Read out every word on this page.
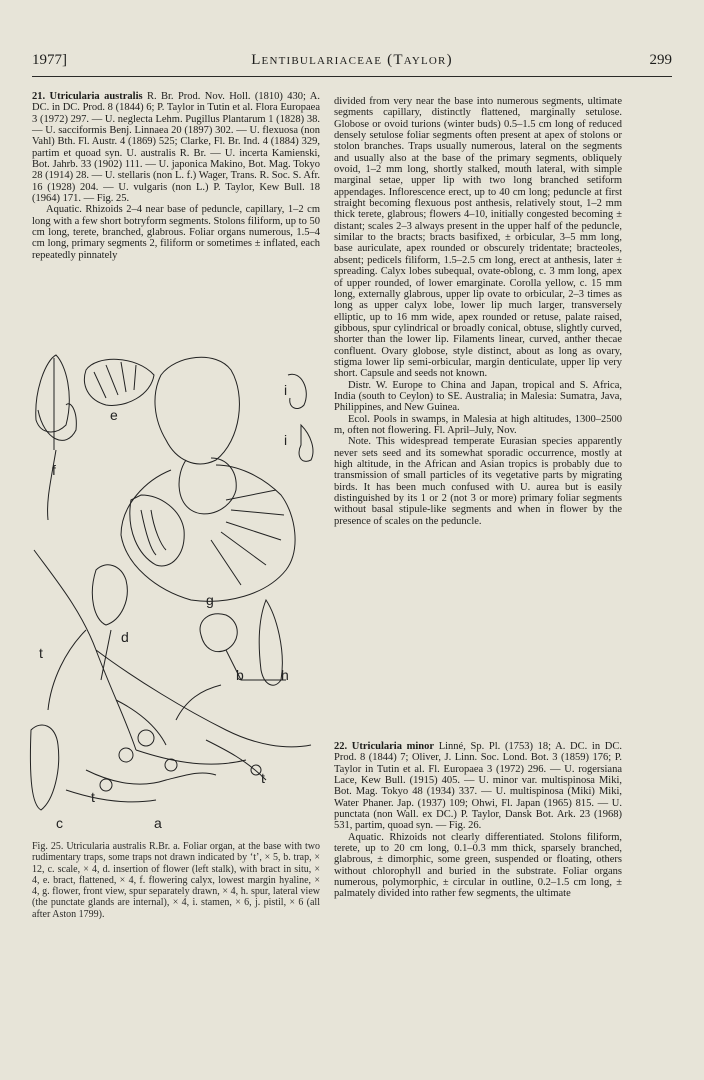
1977]	Lentibulariaceae (Taylor)	299

21. Utricularia australis R. Br. Prod. Nov. Holl. (1810) 430; A. DC. in DC. Prod. 8 (1844) 6; P. Taylor in Tutin et al. Flora Europaea 3 (1972) 297. — U. neglecta Lehm. Pugillus Plantarum 1 (1828) 38. — U. sacciformis Benj. Linnaea 20 (1897) 302. — U. flexuosa (non Vahl) Bth. Fl. Austr. 4 (1869) 525; Clarke, Fl. Br. Ind. 4 (1884) 329, partim et quoad syn. U. australis R. Br. — U. incerta Kamienski, Bot. Jahrb. 33 (1902) 111. — U. japonica Makino, Bot. Mag. Tokyo 28 (1914) 28. — U. stellaris (non L. f.) Wager, Trans. R. Soc. S. Afr. 16 (1928) 204. — U. vulgaris (non L.) P. Taylor, Kew Bull. 18 (1964) 171. — Fig. 25.

Aquatic. Rhizoids 2–4 near base of peduncle, capillary, 1–2 cm long with a few short botryform segments. Stolons filiform, up to 50 cm long, terete, branched, glabrous. Foliar organs numerous, 1.5–4 cm long, primary segments 2, filiform or sometimes ± inflated, each repeatedly pinnately

e
f
i
i
g
d
t
b	h
t
t
c	a
Fig. 25. Utricularia australis R.Br. a. Foliar organ, at the base with two rudimentary traps, some traps not drawn indicated by ‘t’, × 5, b. trap, × 12, c. scale, × 4, d. insertion of flower (left stalk), with bract in situ, × 4, e. bract, flattened, × 4, f. flowering calyx, lowest margin hyaline, × 4, g. flower, front view, spur separately drawn, × 4, h. spur, lateral view (the punctate glands are internal), × 4, i. stamen, × 6, j. pistil, × 6 (all after Aston 1799).

divided from very near the base into numerous segments, ultimate segments capillary, distinctly flattened, marginally setulose. Globose or ovoid turions (winter buds) 0.5–1.5 cm long of reduced densely setulose foliar segments often present at apex of stolons or stolon branches. Traps usually numerous, lateral on the segments and usually also at the base of the primary segments, obliquely ovoid, 1–2 mm long, shortly stalked, mouth lateral, with simple marginal setae, upper lip with two long branched setiform appendages. Inflorescence erect, up to 40 cm long; peduncle at first straight becoming flexuous post anthesis, relatively stout, 1–2 mm thick terete, glabrous; flowers 4–10, initially congested becoming ± distant; scales 2–3 always present in the upper half of the peduncle, similar to the bracts; bracts basifixed, ± orbicular, 3–5 mm long, base auriculate, apex rounded or obscurely tridentate; bracteoles, absent; pedicels filiform, 1.5–2.5 cm long, erect at anthesis, later ± spreading. Calyx lobes subequal, ovate-oblong, c. 3 mm long, apex of upper rounded, of lower emarginate. Corolla yellow, c. 15 mm long, externally glabrous, upper lip ovate to orbicular, 2–3 times as long as upper calyx lobe, lower lip much larger, transversely elliptic, up to 16 mm wide, apex rounded or retuse, palate raised, gibbous, spur cylindrical or broadly conical, obtuse, slightly curved, shorter than the lower lip. Filaments linear, curved, anther thecae confluent. Ovary globose, style distinct, about as long as ovary, stigma lower lip semi-orbicular, margin denticulate, upper lip very short. Capsule and seeds not known.

Distr. W. Europe to China and Japan, tropical and S. Africa, India (south to Ceylon) to SE. Australia; in Malesia: Sumatra, Java, Philippines, and New Guinea.

Ecol. Pools in swamps, in Malesia at high altitudes, 1300–2500 m, often not flowering. Fl. April–July, Nov.

Note. This widespread temperate Eurasian species apparently never sets seed and its somewhat sporadic occurrence, mostly at high altitude, in the African and Asian tropics is probably due to transmission of small particles of its vegetative parts by migrating birds. It has been much confused with U. aurea but is easily distinguished by its 1 or 2 (not 3 or more) primary foliar segments without basal stipule-like segments and when in flower by the presence of scales on the peduncle.

22. Utricularia minor Linné, Sp. Pl. (1753) 18; A. DC. in DC. Prod. 8 (1844) 7; Oliver, J. Linn. Soc. Lond. Bot. 3 (1859) 176; P. Taylor in Tutin et al. Fl. Europaea 3 (1972) 296. — U. rogersiana Lace, Kew Bull. (1915) 405. — U. minor var. multispinosa Miki, Bot. Mag. Tokyo 48 (1934) 337. — U. multispinosa (Miki) Miki, Water Phaner. Jap. (1937) 109; Ohwi, Fl. Japan (1965) 815. — U. punctata (non Wall. ex DC.) P. Taylor, Dansk Bot. Ark. 23 (1968) 531, partim, quoad syn. — Fig. 26.

Aquatic. Rhizoids not clearly differentiated. Stolons filiform, terete, up to 20 cm long, 0.1–0.3 mm thick, sparsely branched, glabrous, ± dimorphic, some green, suspended or floating, others without chlorophyll and buried in the substrate. Foliar organs numerous, polymorphic, ± circular in outline, 0.2–1.5 cm long, ± palmately divided into rather few segments, the ultimate
